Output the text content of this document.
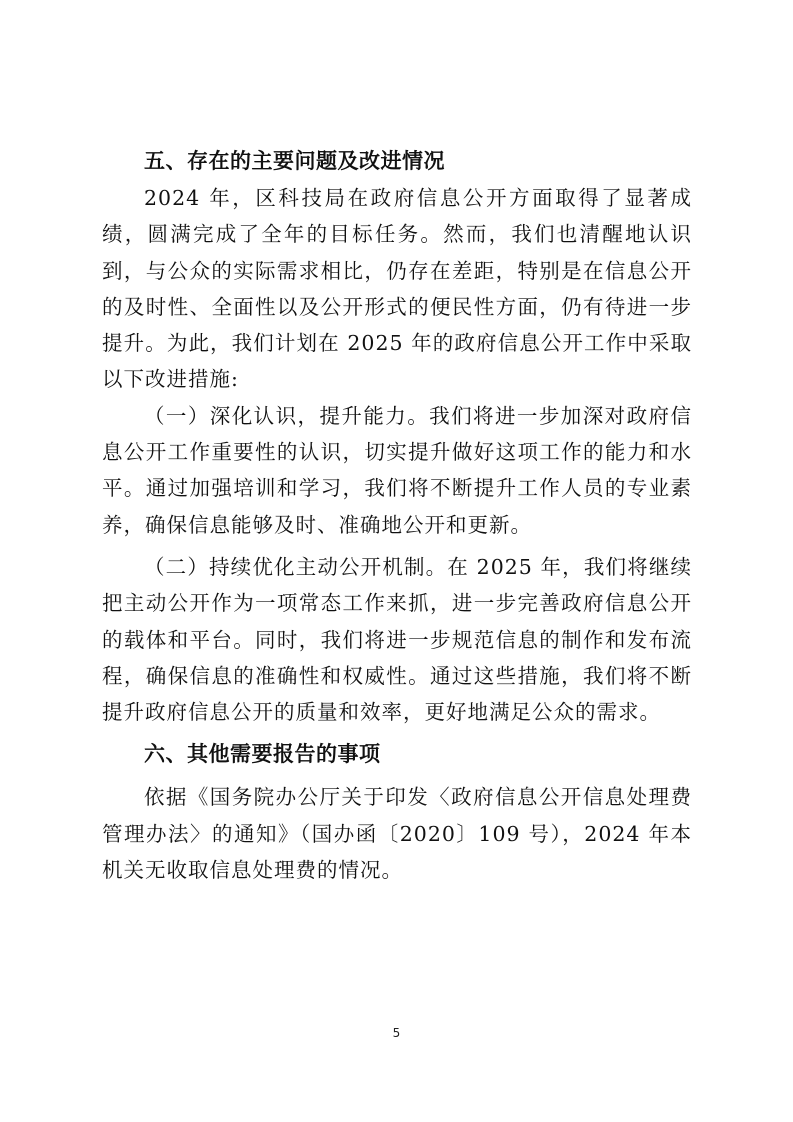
五、存在的主要问题及改进情况

2024 年，区科技局在政府信息公开方面取得了显著成绩，圆满完成了全年的目标任务。然而，我们也清醒地认识到，与公众的实际需求相比，仍存在差距，特别是在信息公开的及时性、全面性以及公开形式的便民性方面，仍有待进一步提升。为此，我们计划在 2025 年的政府信息公开工作中采取以下改进措施:

（一）深化认识，提升能力。我们将进一步加深对政府信息公开工作重要性的认识，切实提升做好这项工作的能力和水平。通过加强培训和学习，我们将不断提升工作人员的专业素养，确保信息能够及时、准确地公开和更新。

（二）持续优化主动公开机制。在 2025 年，我们将继续把主动公开作为一项常态工作来抓，进一步完善政府信息公开的载体和平台。同时，我们将进一步规范信息的制作和发布流程，确保信息的准确性和权威性。通过这些措施，我们将不断提升政府信息公开的质量和效率，更好地满足公众的需求。

六、其他需要报告的事项

依据《国务院办公厅关于印发〈政府信息公开信息处理费管理办法〉的通知》（国办函〔2020〕109 号），2024 年本机关无收取信息处理费的情况。

5
